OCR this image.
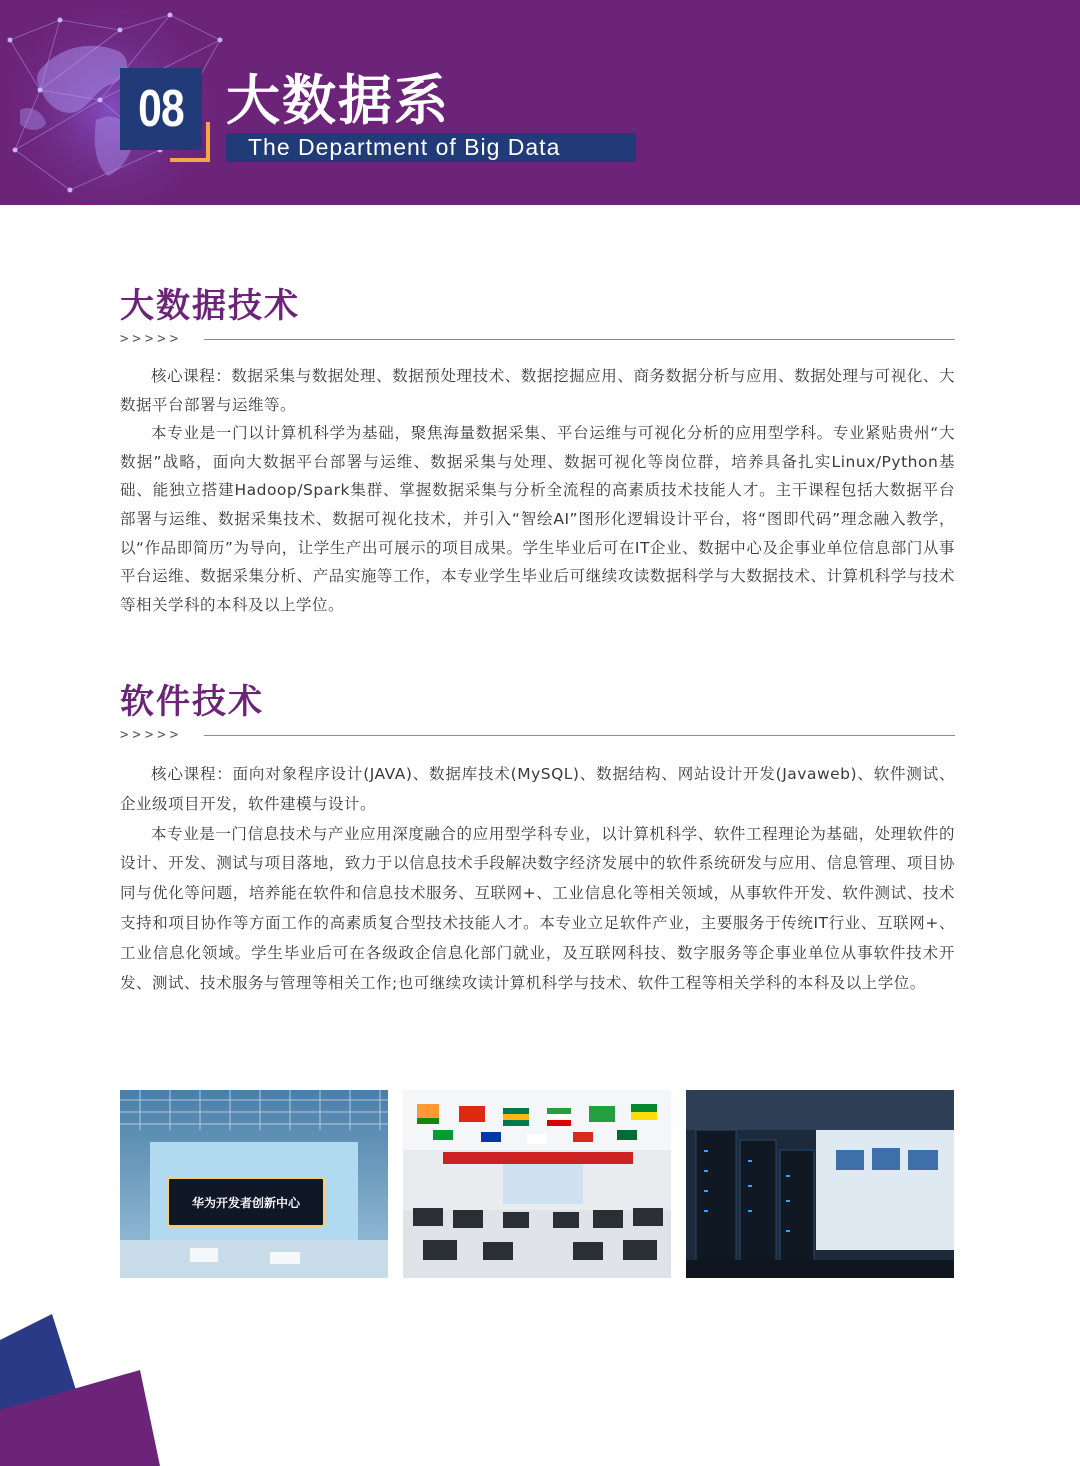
08 大数据系
The Department of Big Data
大数据技术
>>>>>

核心课程：数据采集与数据处理、数据预处理技术、数据挖掘应用、商务数据分析与应用、数据处理与可视化、大数据平台部署与运维等。

本专业是一门以计算机科学为基础，聚焦海量数据采集、平台运维与可视化分析的应用型学科。专业紧贴贵州“大数据”战略，面向大数据平台部署与运维、数据采集与处理、数据可视化等岗位群，培养具备扎实Linux/Python基础、能独立搭建Hadoop/Spark集群、掌握数据采集与分析全流程的高素质技术技能人才。主干课程包括大数据平台部署与运维、数据采集技术、数据可视化技术，并引入“智绘AI”图形化逻辑设计平台，将“图即代码”理念融入教学，以“作品即简历”为导向，让学生产出可展示的项目成果。学生毕业后可在IT企业、数据中心及企事业单位信息部门从事平台运维、数据采集分析、产品实施等工作，本专业学生毕业后可继续攻读数据科学与大数据技术、计算机科学与技术等相关学科的本科及以上学位。

软件技术
>>>>>

核心课程：面向对象程序设计(JAVA)、数据库技术(MySQL)、数据结构、网站设计开发(Javaweb)、软件测试、企业级项目开发，软件建模与设计。

本专业是一门信息技术与产业应用深度融合的应用型学科专业，以计算机科学、软件工程理论为基础，处理软件的设计、开发、测试与项目落地，致力于以信息技术手段解决数字经济发展中的软件系统研发与应用、信息管理、项目协同与优化等问题，培养能在软件和信息技术服务、互联网+、工业信息化等相关领域，从事软件开发、软件测试、技术支持和项目协作等方面工作的高素质复合型技术技能人才。本专业立足软件产业，主要服务于传统IT行业、互联网+、工业信息化领域。学生毕业后可在各级政企信息化部门就业，及互联网科技、数字服务等企事业单位从事软件技术开发、测试、技术服务与管理等相关工作;也可继续攻读计算机科学与技术、软件工程等相关学科的本科及以上学位。

华为开发者创新中心
